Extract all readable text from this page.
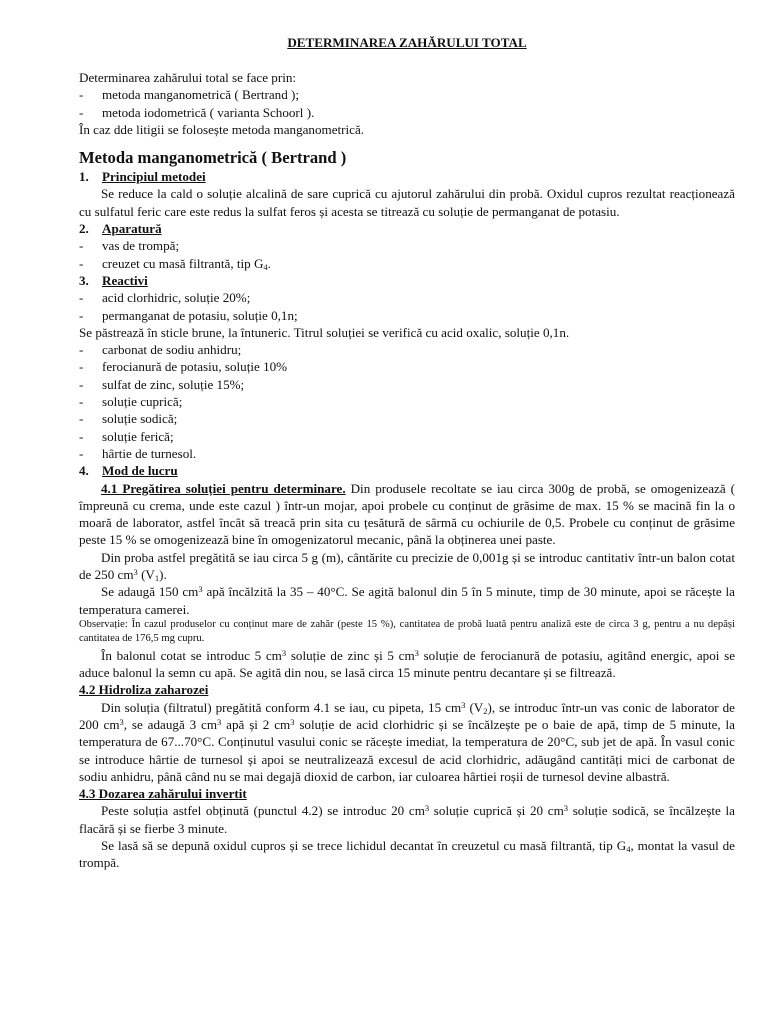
DETERMINAREA ZAHĂRULUI TOTAL

Determinarea zahărului total se face prin:

-	metoda manganometrică ( Bertrand );
-	metoda iodometrică ( varianta Schoorl ).

În caz dde litigii se folosește metoda manganometrică.

Metoda manganometrică ( Bertrand )
1.	Principiul metodei

Se reduce la cald o soluție alcalină de sare cuprică cu ajutorul zahărului din probă. Oxidul cupros rezultat reacționează cu sulfatul feric care este redus la sulfat feros și acesta se titrează cu soluție de permanganat de potasiu.

2.	Aparatură
-	vas de trompă;
-	creuzet cu masă filtrantă, tip $G_4$.
3.	Reactivi
-	acid clorhidric, soluție 20%;
-	permanganat de potasiu, soluție 0,1n;

Se păstrează în sticle brune, la întuneric. Titrul soluției se verifică cu acid oxalic, soluție 0,1n.

-	carbonat de sodiu anhidru;
-	ferocianură de potasiu, soluție 10%
-	sulfat de zinc, soluție 15%;
-	soluție cuprică;
-	soluție sodică;
-	soluție ferică;
-	hârtie de turnesol.
4.	Mod de lucru

4.1 Pregătirea soluției pentru determinare. Din produsele recoltate se iau circa 300g de probă, se omogenizează ( împreună cu crema, unde este cazul ) într-un mojar, apoi probele cu conținut de grăsime de max. 15 % se macină fin la o moară de laborator, astfel încât să treacă prin sita cu țesătură de sârmă cu ochiurile de 0,5. Probele cu conținut de grăsime peste 15 % se omogenizează bine în omogenizatorul mecanic, până la obținerea unei paste.

Din proba astfel pregătită se iau circa 5 g (m), cântărite cu precizie de 0,001g și se introduc cantitativ într-un balon cotat de 250 $cm^3$ $(V_1)$.

Se adaugă 150 $cm^3$ apă încălzită la 35 – 40°C. Se agită balonul din 5 în 5 minute, timp de 30 minute, apoi se răcește la temperatura camerei.

Observație: În cazul produselor cu conținut mare de zahăr (peste 15 %), cantitatea de probă luată pentru analiză este de circa 3 g, pentru a nu depăși cantitatea de 176,5 mg cupru.

În balonul cotat se introduc 5 $cm^3$ soluție de zinc și 5 $cm^3$ soluție de ferocianură de potasiu, agitând energic, apoi se aduce balonul la semn cu apă. Se agită din nou, se lasă circa 15 minute pentru decantare și se filtrează.

4.2 Hidroliza zaharozei

Din soluția (filtratul) pregătită conform 4.1 se iau, cu pipeta, 15 $cm^3$ $(V_2)$, se introduc într-un vas conic de laborator de 200 $cm^3$, se adaugă 3 $cm^3$ apă și 2 $cm^3$ soluție de acid clorhidric și se încălzește pe o baie de apă, timp de 5 minute, la temperatura de 67...70°C. Conținutul vasului conic se răcește imediat, la temperatura de 20°C, sub jet de apă. În vasul conic se introduce hârtie de turnesol și apoi se neutralizează excesul de acid clorhidric, adăugând cantități mici de carbonat de sodiu anhidru, până când nu se mai degajă dioxid de carbon, iar culoarea hârtiei roșii de turnesol devine albastră.

4.3 Dozarea zahărului invertit

Peste soluția astfel obținută (punctul 4.2) se introduc 20 $cm^3$ soluție cuprică și 20 $cm^3$ soluție sodică, se încălzește la flacără și se fierbe 3 minute.

Se lasă să se depună oxidul cupros și se trece lichidul decantat în creuzetul cu masă filtrantă, tip $G_4$, montat la vasul de trompă.
